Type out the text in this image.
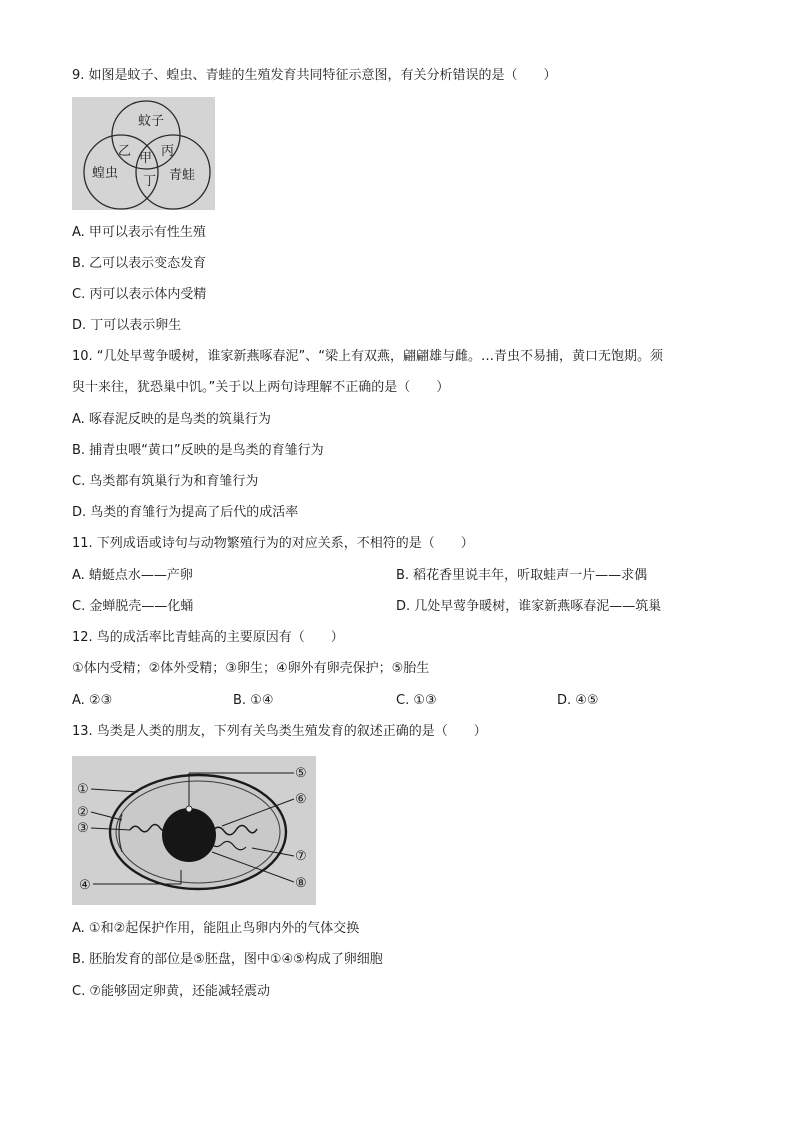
9. 如图是蚊子、蝗虫、青蛙的生殖发育共同特征示意图，有关分析错误的是（　　）
蚊子
乙 甲 丙
丁
蝗虫	青蛙
A. 甲可以表示有性生殖
B. 乙可以表示变态发育
C. 丙可以表示体内受精
D. 丁可以表示卵生
10. “几处早莺争暖树，谁家新燕啄春泥”、“梁上有双燕，翩翩雄与雌。…青虫不易捕，黄口无饱期。须
臾十来往，犹恐巢中饥。”关于以上两句诗理解不正确的是（　　）
A. 啄春泥反映的是鸟类的筑巢行为
B. 捕青虫喂“黄口”反映的是鸟类的育雏行为
C. 鸟类都有筑巢行为和育雏行为
D. 鸟类的育雏行为提高了后代的成活率
11. 下列成语或诗句与动物繁殖行为的对应关系，不相符的是（　　）
A. 蜻蜓点水——产卵	B. 稻花香里说丰年，听取蛙声一片——求偶
C. 金蝉脱壳——化蛹	D. 几处早莺争暖树，谁家新燕啄春泥——筑巢
12. 鸟的成活率比青蛙高的主要原因有（　　）
①体内受精；②体外受精；③卵生；④卵外有卵壳保护；⑤胎生
A. ②③	B. ①④	C. ①③	D. ④⑤
13. 鸟类是人类的朋友，下列有关鸟类生殖发育的叙述正确的是（　　）
①
②
③
④
⑤
⑥
⑦
⑧
A. ①和②起保护作用，能阻止鸟卵内外的气体交换
B. 胚胎发育的部位是⑤胚盘，图中①④⑤构成了卵细胞
C. ⑦能够固定卵黄，还能减轻震动
